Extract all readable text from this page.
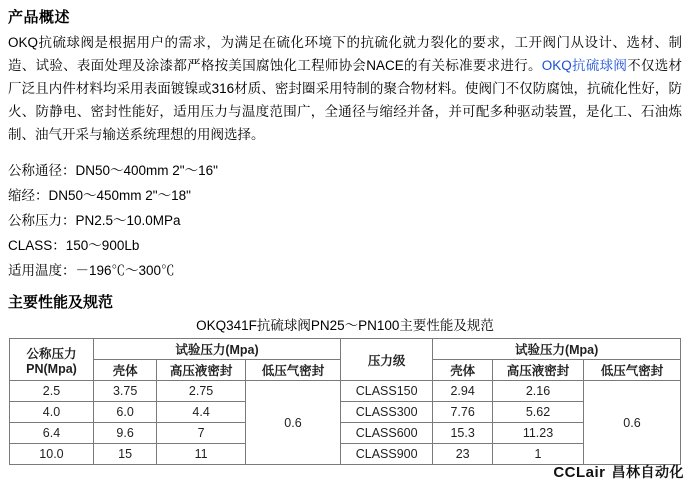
产品概述
OKQ抗硫球阀是根据用户的需求，为满足在硫化环境下的抗硫化就力裂化的要求，工开阀门从设计、选材、制造、试验、表面处理及涂漆都严格按美国腐蚀化工程师协会NACE的有关标准要求进行。OKQ抗硫球阀不仅选材厂泛且内件材料均采用表面镀镍或316材质、密封圈采用特制的聚合物材料。使阀门不仅防腐蚀，抗硫化性好，防火、防静电、密封性能好，适用压力与温度范围广，全通径与缩经并备，并可配多种驱动装置，是化工、石油炼制、油气开采与输送系统理想的用阀选择。
公称通径：DN50～400mm 2"～16"
缩经：DN50～450mm 2"～18"
公称压力：PN2.5～10.0MPa
CLASS：150～900Lb
适用温度：－196℃～300℃
主要性能及规范
OKQ341F抗硫球阀PN25～PN100主要性能及规范
公称压力
PN(Mpa)	试验压力(Mpa)			压力级	试验压力(Mpa)		
	壳体	高压液密封	低压气密封		壳体	高压液密封	低压气密封
2.5	3.75	2.75	0.6	CLASS150	2.94	2.16	0.6
4.0	6.0	4.4		CLASS300	7.76	5.62	
6.4	9.6	7		CLASS600	15.3	11.23	
10.0	15	11		CLASS900	23	1	
CCLair 昌林自动化
